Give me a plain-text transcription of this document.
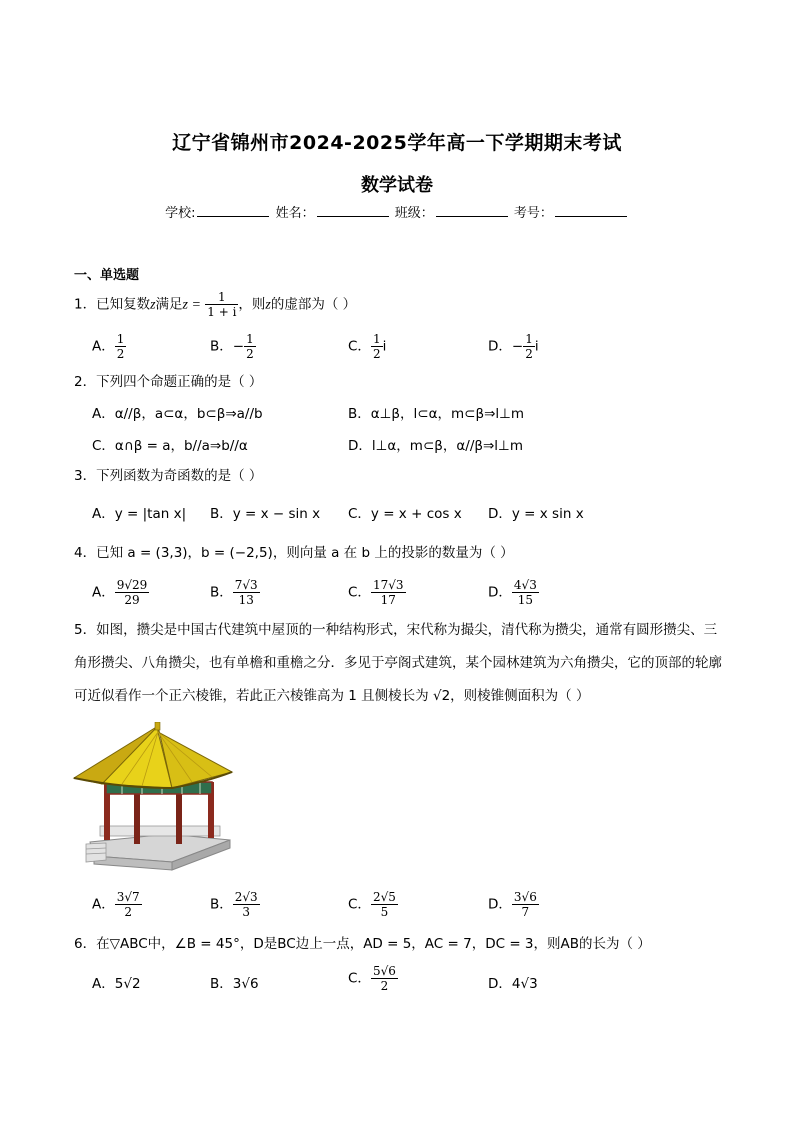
辽宁省锦州市2024-2025学年高一下学期期末考试
数学试卷
学校:	姓名：	班级：	考号：
一、单选题
1．已知复数z满足$z = \frac{1}{1 + i}$ ，则z的虚部为（ ）
A． $\frac{1}{2}$	B．− $\frac{1}{2}$	C． $\frac{1}{2}$ i	D．− $\frac{1}{2}$ i
2．下列四个命题正确的是（ ）
A．α//β，a⊂α，b⊂β⇒a//b	B．α⊥β，l⊂α，m⊂β⇒l⊥m
C．α∩β = a，b//a⇒b//α	D．l⊥α，m⊂β，α//β⇒l⊥m
3．下列函数为奇函数的是（ ）
A．y = |tan x| B．y = x − sin x C．y = x + cos x D．y = x sin x
4．已知 a = (3,3)，b = (−2,5)，则向量 a 在 b 上的投影的数量为（ ）
A． $\frac{9√29}{29}$	B． $\frac{7√3}{13}$	C． $\frac{17√3}{17}$	D． $\frac{4√3}{15}$
5．如图，攒尖是中国古代建筑中屋顶的一种结构形式，宋代称为撮尖，清代称为攒尖，通常有圆形攒尖、三角形攒尖、八角攒尖，也有单檐和重檐之分．多见于亭阁式建筑，某个园林建筑为六角攒尖，它的顶部的轮廓可近似看作一个正六棱锥，若此正六棱锥高为 1 且侧棱长为 √2，则棱锥侧面积为（ ）
A． $\frac{3√7}{2}$	B． $\frac{2√3}{3}$	C． $\frac{2√5}{5}$	D． $\frac{3√6}{7}$
6．在▽ABC中，∠B = 45°，D是BC边上一点，AD = 5，AC = 7，DC = 3，则AB的长为（ ）
A．5√2	B．3√6	C． $\frac{5√6}{2}$	D．4√3
